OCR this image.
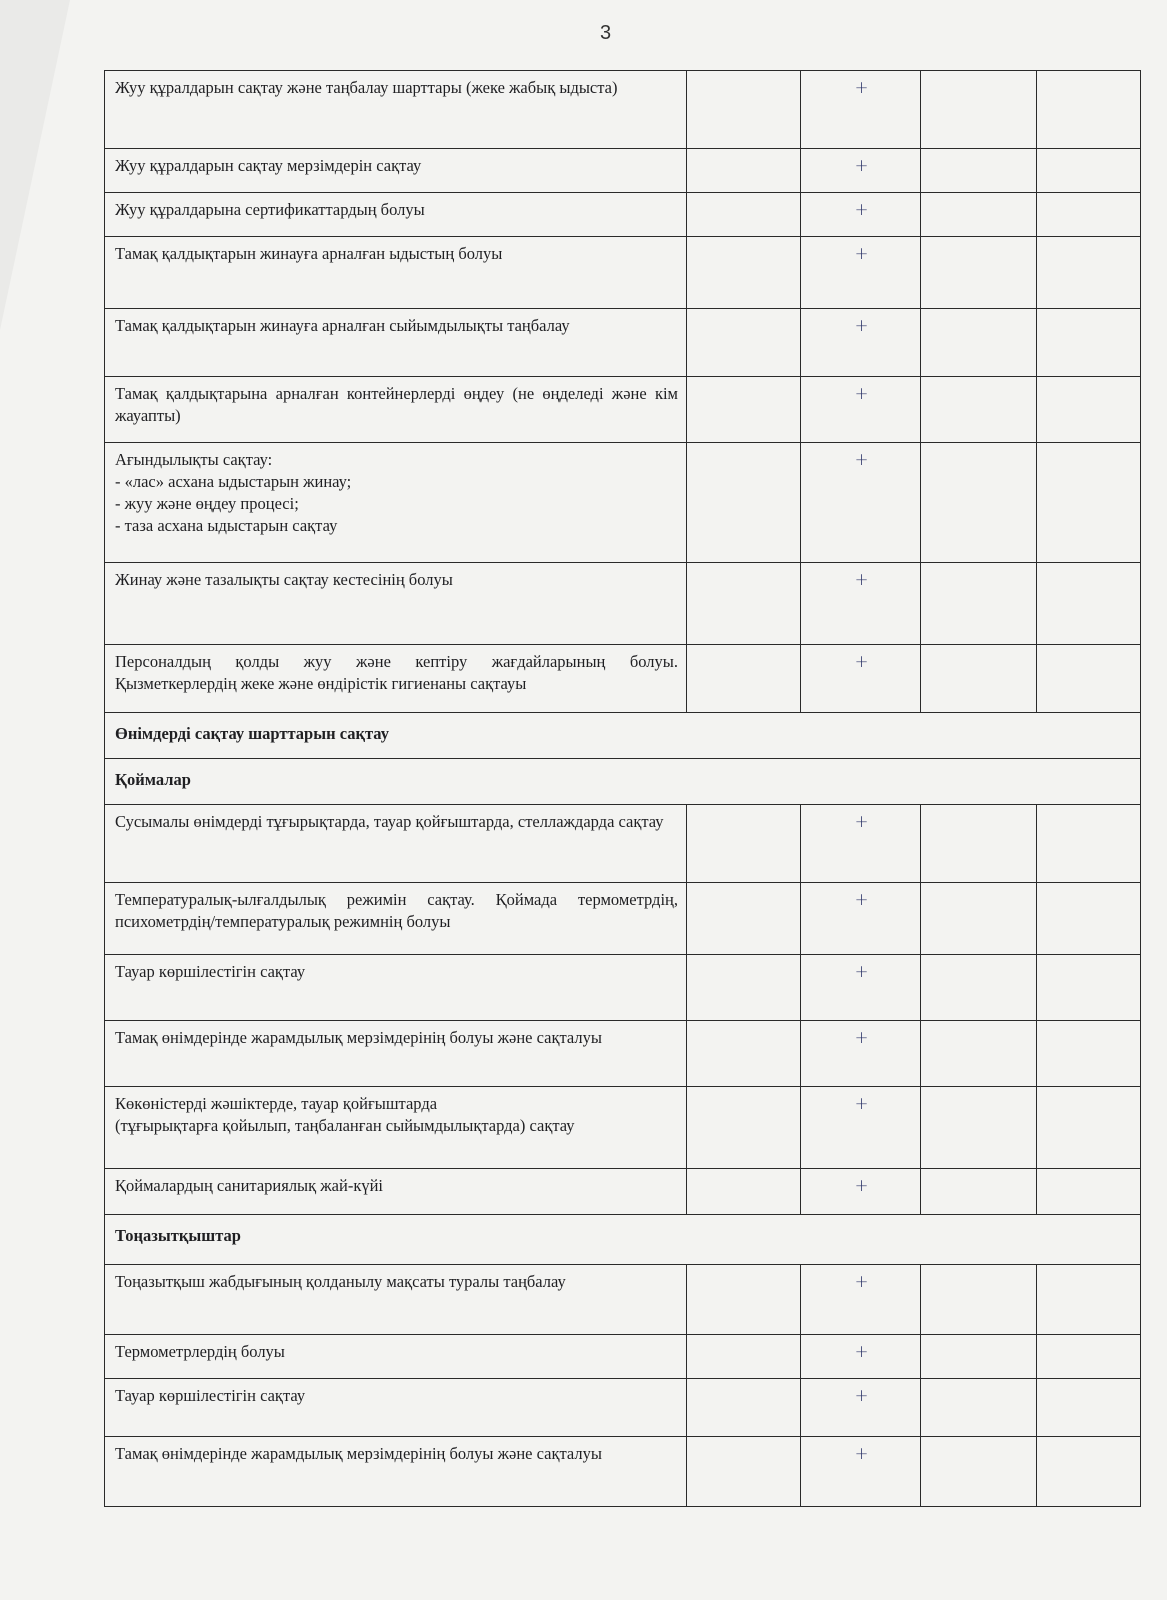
3
Жуу құралдарын сақтау және таңбалау шарттары (жеке жабық ыдыста)		+		
Жуу құралдарын сақтау мерзімдерін сақтау		+		
Жуу құралдарына сертификаттардың болуы		+		
Тамақ қалдықтарын жинауға арналған ыдыстың болуы		+		
Тамақ қалдықтарын жинауға арналған сыйымдылықты таңбалау		+		
Тамақ қалдықтарына арналған контейнерлерді өңдеу (не өңделеді және кім жауапты)		+		

Ағындылықты сақтау:
- «лас» асхана ыдыстарын жинау;
- жуу және өңдеу процесі;
- таза асхана ыдыстарын сақтау		+		
Жинау және тазалықты сақтау кестесінің болуы		+		
Персоналдың қолды жуу және кептіру жағдайларының болуы. Қызметкерлердің жеке және өндірістік гигиенаны сақтауы		+		
Өнімдерді сақтау шарттарын сақтау				
Қоймалар				
Сусымалы өнімдерді тұғырықтарда, тауар қойғыштарда, стеллаждарда сақтау		+		
Температуралық-ылғалдылық режимін сақтау. Қоймада термометрдің, психометрдің/температуралық режимнің болуы		+		
Тауар көршілестігін сақтау		+		
Тамақ өнімдерінде жарамдылық мерзімдерінің болуы және сақталуы		+		

Көкөністерді жәшіктерде, тауар қойғыштарда
(тұғырықтарға қойылып, таңбаланған сыйымдылықтарда) сақтау		+		
Қоймалардың санитариялық жай-күйі		+		
Тоңазытқыштар				
Тоңазытқыш жабдығының қолданылу мақсаты туралы таңбалау		+		
Термометрлердің болуы		+		
Тауар көршілестігін сақтау		+		
Тамақ өнімдерінде жарамдылық мерзімдерінің болуы және сақталуы		+		
